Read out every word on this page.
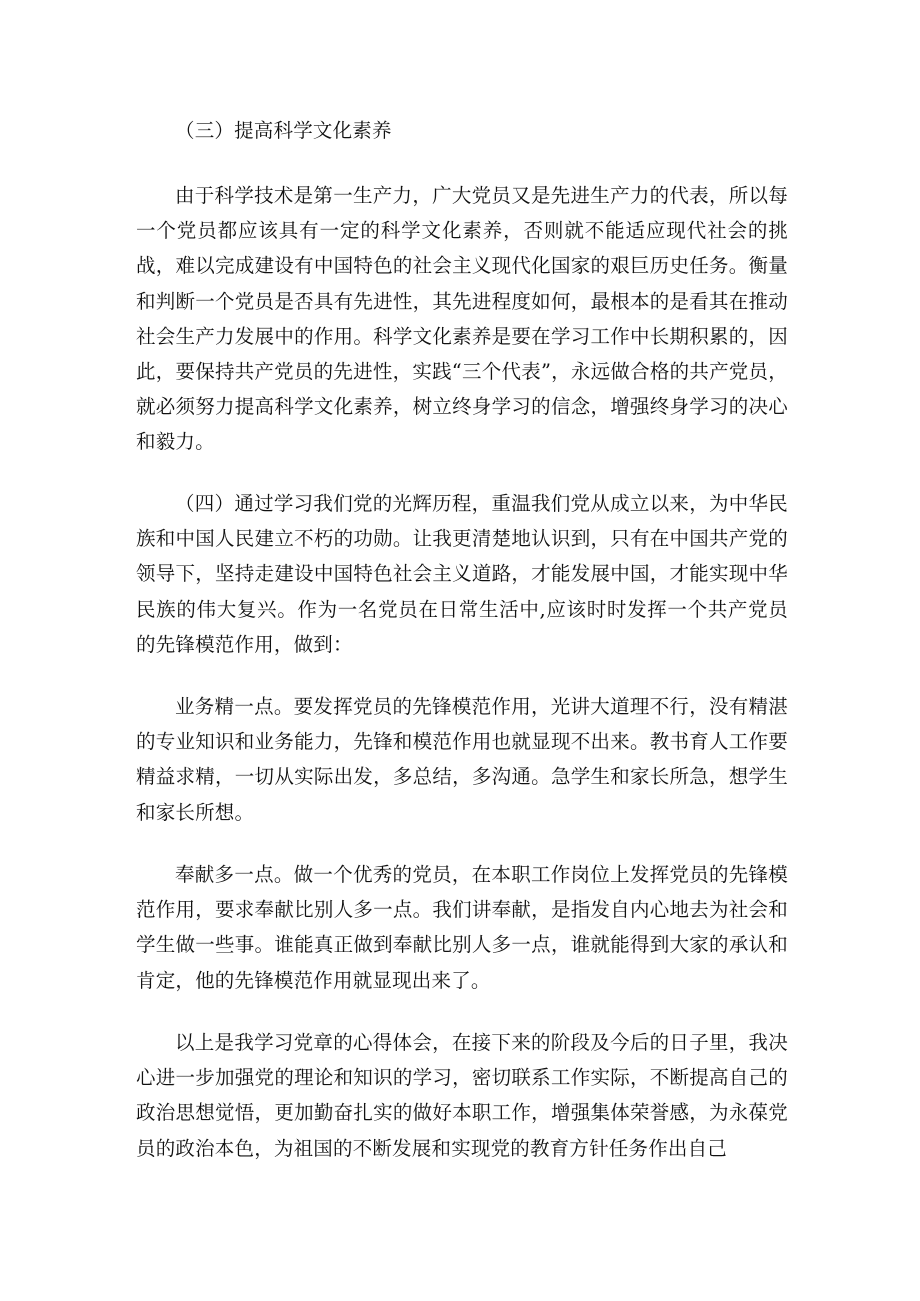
（三）提高科学文化素养

由于科学技术是第一生产力，广大党员又是先进生产力的代表，所以每一个党员都应该具有一定的科学文化素养，否则就不能适应现代社会的挑战，难以完成建设有中国特色的社会主义现代化国家的艰巨历史任务。衡量和判断一个党员是否具有先进性，其先进程度如何，最根本的是看其在推动社会生产力发展中的作用。科学文化素养是要在学习工作中长期积累的，因此，要保持共产党员的先进性，实践“三个代表”，永远做合格的共产党员，就必须努力提高科学文化素养，树立终身学习的信念，增强终身学习的决心和毅力。

（四）通过学习我们党的光辉历程，重温我们党从成立以来，为中华民族和中国人民建立不朽的功勋。让我更清楚地认识到，只有在中国共产党的领导下，坚持走建设中国特色社会主义道路，才能发展中国，才能实现中华民族的伟大复兴。作为一名党员在日常生活中,应该时时发挥一个共产党员的先锋模范作用，做到：

业务精一点。要发挥党员的先锋模范作用，光讲大道理不行，没有精湛的专业知识和业务能力，先锋和模范作用也就显现不出来。教书育人工作要精益求精，一切从实际出发，多总结，多沟通。急学生和家长所急，想学生和家长所想。

奉献多一点。做一个优秀的党员，在本职工作岗位上发挥党员的先锋模范作用，要求奉献比别人多一点。我们讲奉献，是指发自内心地去为社会和学生做一些事。谁能真正做到奉献比别人多一点，谁就能得到大家的承认和肯定，他的先锋模范作用就显现出来了。

以上是我学习党章的心得体会，在接下来的阶段及今后的日子里，我决心进一步加强党的理论和知识的学习，密切联系工作实际，不断提高自己的政治思想觉悟，更加勤奋扎实的做好本职工作，增强集体荣誉感，为永葆党员的政治本色，为祖国的不断发展和实现党的教育方针任务作出自己
